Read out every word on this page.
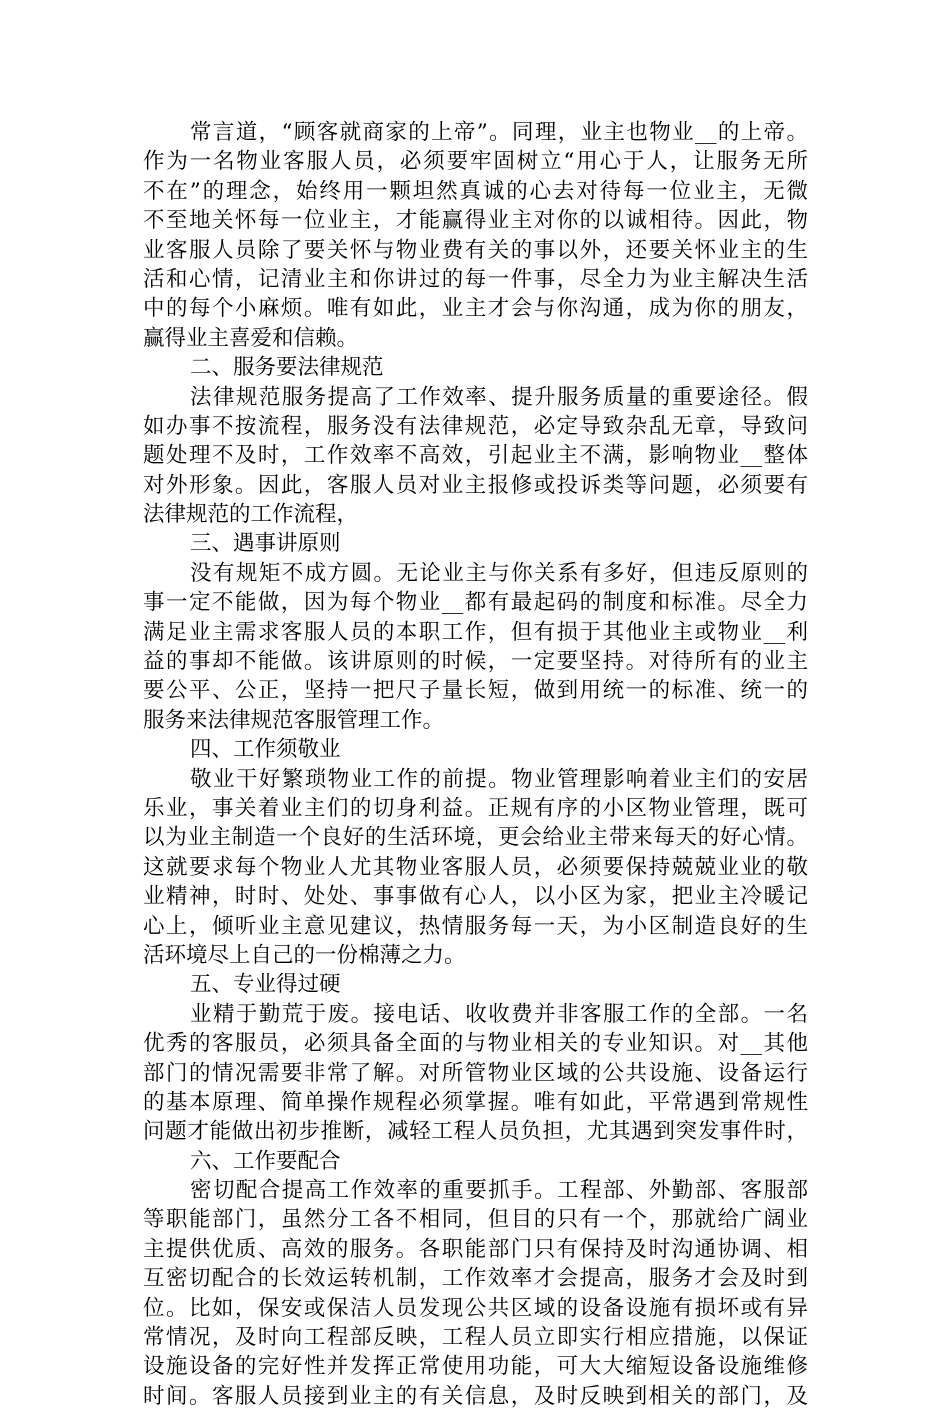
常言道，“顾客就商家的上帝”。同理，业主也物业__的上帝。
作为一名物业客服人员，必须要牢固树立“用心于人，让服务无所
不在”的理念，始终用一颗坦然真诚的心去对待每一位业主，无微
不至地关怀每一位业主，才能赢得业主对你的以诚相待。因此，物
业客服人员除了要关怀与物业费有关的事以外，还要关怀业主的生
活和心情，记清业主和你讲过的每一件事，尽全力为业主解决生活
中的每个小麻烦。唯有如此，业主才会与你沟通，成为你的朋友，
赢得业主喜爱和信赖。
二、服务要法律规范
法律规范服务提高了工作效率、提升服务质量的重要途径。假
如办事不按流程，服务没有法律规范，必定导致杂乱无章，导致问
题处理不及时，工作效率不高效，引起业主不满，影响物业__整体
对外形象。因此，客服人员对业主报修或投诉类等问题，必须要有
法律规范的工作流程，
三、遇事讲原则
没有规矩不成方圆。无论业主与你关系有多好，但违反原则的
事一定不能做，因为每个物业__都有最起码的制度和标准。尽全力
满足业主需求客服人员的本职工作，但有损于其他业主或物业__利
益的事却不能做。该讲原则的时候，一定要坚持。对待所有的业主
要公平、公正，坚持一把尺子量长短，做到用统一的标准、统一的
服务来法律规范客服管理工作。
四、工作须敬业
敬业干好繁琐物业工作的前提。物业管理影响着业主们的安居
乐业，事关着业主们的切身利益。正规有序的小区物业管理，既可
以为业主制造一个良好的生活环境，更会给业主带来每天的好心情。
这就要求每个物业人尤其物业客服人员，必须要保持兢兢业业的敬
业精神，时时、处处、事事做有心人，以小区为家，把业主冷暖记
心上，倾听业主意见建议，热情服务每一天，为小区制造良好的生
活环境尽上自己的一份棉薄之力。
五、专业得过硬
业精于勤荒于废。接电话、收收费并非客服工作的全部。一名
优秀的客服员，必须具备全面的与物业相关的专业知识。对__其他
部门的情况需要非常了解。对所管物业区域的公共设施、设备运行
的基本原理、简单操作规程必须掌握。唯有如此，平常遇到常规性
问题才能做出初步推断，减轻工程人员负担，尤其遇到突发事件时，
六、工作要配合
密切配合提高工作效率的重要抓手。工程部、外勤部、客服部
等职能部门，虽然分工各不相同，但目的只有一个，那就给广阔业
主提供优质、高效的服务。各职能部门只有保持及时沟通协调、相
互密切配合的长效运转机制，工作效率才会提高，服务才会及时到
位。比如，保安或保洁人员发现公共区域的设备设施有损坏或有异
常情况，及时向工程部反映，工程人员立即实行相应措施，以保证
设施设备的完好性并发挥正常使用功能，可大大缩短设备设施维修
时间。客服人员接到业主的有关信息，及时反映到相关的部门，及
